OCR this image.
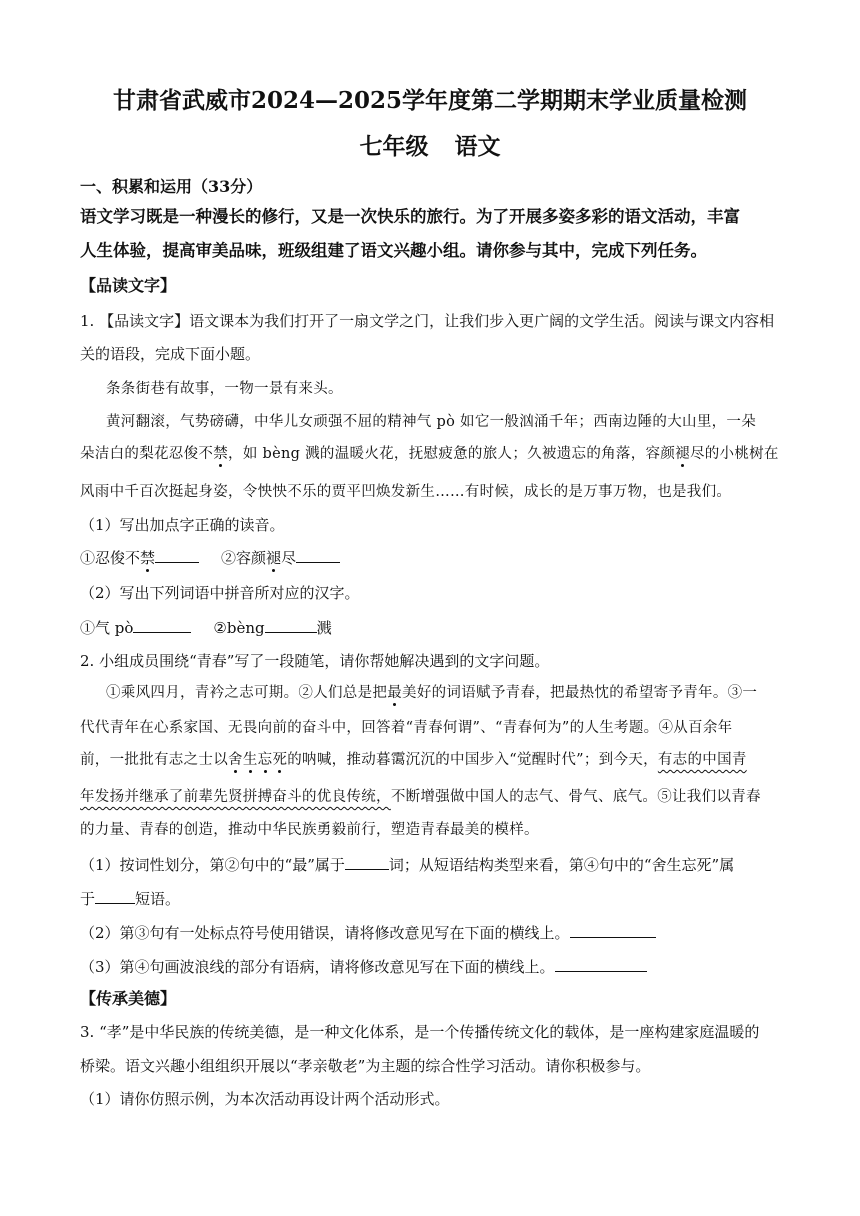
甘肃省武威市2024—2025学年度第二学期期末学业质量检测
七年级 语文
一、积累和运用（33分）
语文学习既是一种漫长的修行，又是一次快乐的旅行。为了开展多姿多彩的语文活动，丰富
人生体验，提高审美品味，班级组建了语文兴趣小组。请你参与其中，完成下列任务。
【品读文字】
1. 【品读文字】语文课本为我们打开了一扇文学之门，让我们步入更广阔的文学生活。阅读与课文内容相
关的语段，完成下面小题。
条条街巷有故事，一物一景有来头。
黄河翻滚，气势磅礴，中华儿女顽强不屈的精神气 pò 如它一般汹涌千年；西南边陲的大山里，一朵
朵洁白的梨花忍俊不禁，如 bèng 溅的温暖火花，抚慰疲惫的旅人；久被遗忘的角落，容颜褪尽的小桃树在
风雨中千百次挺起身姿，令怏怏不乐的贾平凹焕发新生……有时候，成长的是万事万物，也是我们。
（1）写出加点字正确的读音。
①忍俊不禁	②容颜褪尽
（2）写出下列词语中拼音所对应的汉字。
①气 pò	②bèng	溅
2. 小组成员围绕“青春”写了一段随笔，请你帮她解决遇到的文字问题。
①乘风四月，青衿之志可期。②人们总是把最美好的词语赋予青春，把最热忱的希望寄予青年。③一
代代青年在心系家国、无畏向前的奋斗中，回答着“青春何谓”、“青春何为”的人生考题。④从百余年
前，一批批有志之士以舍生忘死的呐喊，推动暮霭沉沉的中国步入“觉醒时代”；到今天，有志的中国青
年发扬并继承了前辈先贤拼搏奋斗的优良传统，不断增强做中国人的志气、骨气、底气。⑤让我们以青春
的力量、青春的创造，推动中华民族勇毅前行，塑造青春最美的模样。
（1）按词性划分，第②句中的“最”属于	词；从短语结构类型来看，第④句中的“舍生忘死”属
于	短语。
（2）第③句有一处标点符号使用错误，请将修改意见写在下面的横线上。
（3）第④句画波浪线的部分有语病，请将修改意见写在下面的横线上。
【传承美德】
3. “孝”是中华民族的传统美德，是一种文化体系，是一个传播传统文化的载体，是一座构建家庭温暖的
桥梁。语文兴趣小组组织开展以“孝亲敬老”为主题的综合性学习活动。请你积极参与。
（1）请你仿照示例，为本次活动再设计两个活动形式。
